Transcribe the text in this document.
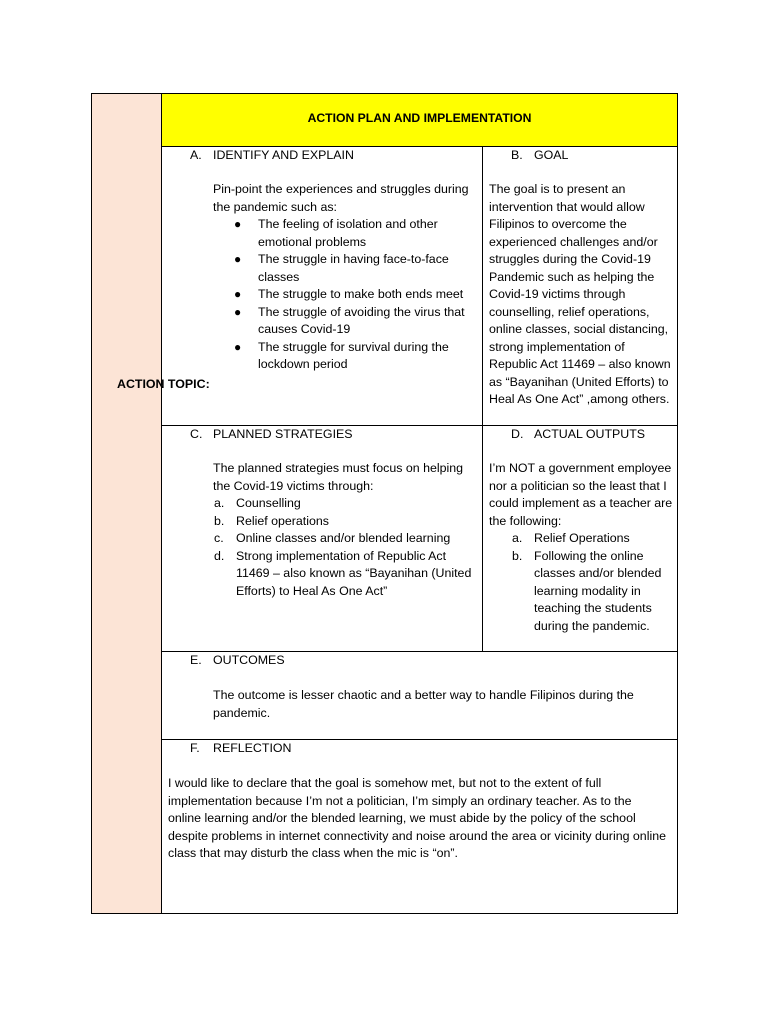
ACTION TOPIC:
ACTION PLAN AND IMPLEMENTATION
A. IDENTIFY AND EXPLAIN
Pin-point the experiences and struggles during the pandemic such as:
● The feeling of isolation and other emotional problems
● The struggle in having face-to-face classes
● The struggle to make both ends meet
● The struggle of avoiding the virus that causes Covid-19
● The struggle for survival during the lockdown period
B. GOAL
The goal is to present an intervention that would allow Filipinos to overcome the experienced challenges and/or struggles during the Covid-19 Pandemic such as helping the Covid-19 victims through counselling, relief operations, online classes, social distancing, strong implementation of Republic Act 11469 – also known as “Bayanihan (United Efforts) to Heal As One Act” ,among others.
C. PLANNED STRATEGIES
The planned strategies must focus on helping the Covid-19 victims through:
a. Counselling
b. Relief operations
c. Online classes and/or blended learning
d. Strong implementation of Republic Act 11469 – also known as “Bayanihan (United Efforts) to Heal As One Act”
D. ACTUAL OUTPUTS
I’m NOT a government employee nor a politician so the least that I could implement as a teacher are the following:
a. Relief Operations
b. Following the online classes and/or blended learning modality in teaching the students during the pandemic.
E. OUTCOMES
The outcome is lesser chaotic and a better way to handle Filipinos during the pandemic.
F. REFLECTION
I would like to declare that the goal is somehow met, but not to the extent of full implementation because I’m not a politician, I’m simply an ordinary teacher. As to the online learning and/or the blended learning, we must abide by the policy of the school despite problems in internet connectivity and noise around the area or vicinity during online class that may disturb the class when the mic is “on”.
